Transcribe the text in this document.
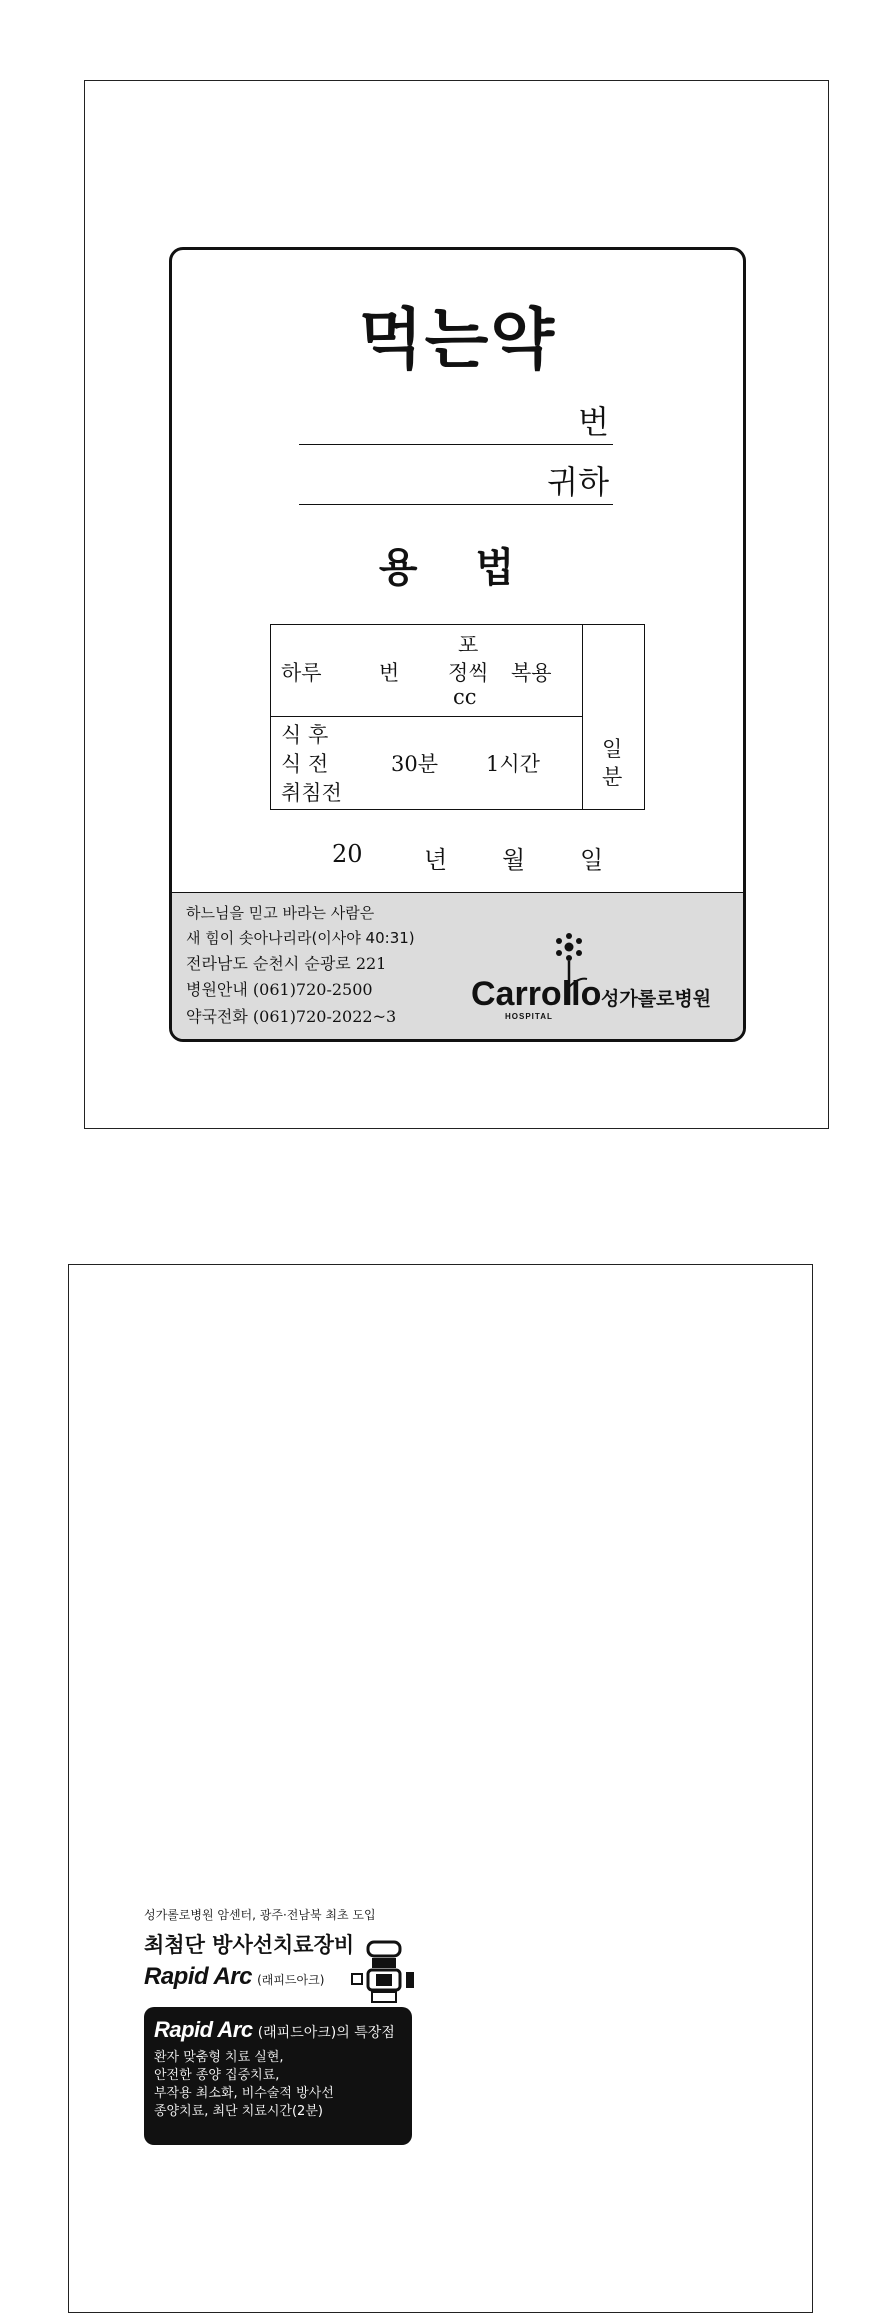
먹는약
번
귀하
용 법
포
하루	번 정씩 복용
cc
식 후
식 전
취침전
30분 1시간
일
분
20	년 월 일
하느님을 믿고 바라는 사람은
새 힘이 솟아나리라(이사야 40:31)
전라남도 순천시 순광로 221
병원안내 (061)720-2500
약국전화 (061)720-2022~3
Carrollo
HOSPITAL
성가롤로병원
성가롤로병원 암센터, 광주·전남북 최초 도입
최첨단 방사선치료장비
Rapid Arc (래피드아크)
Rapid Arc (래피드아크)의 특장점
환자 맞춤형 치료 실현,
안전한 종양 집중치료,
부작용 최소화, 비수술적 방사선
종양치료, 최단 치료시간(2분)
